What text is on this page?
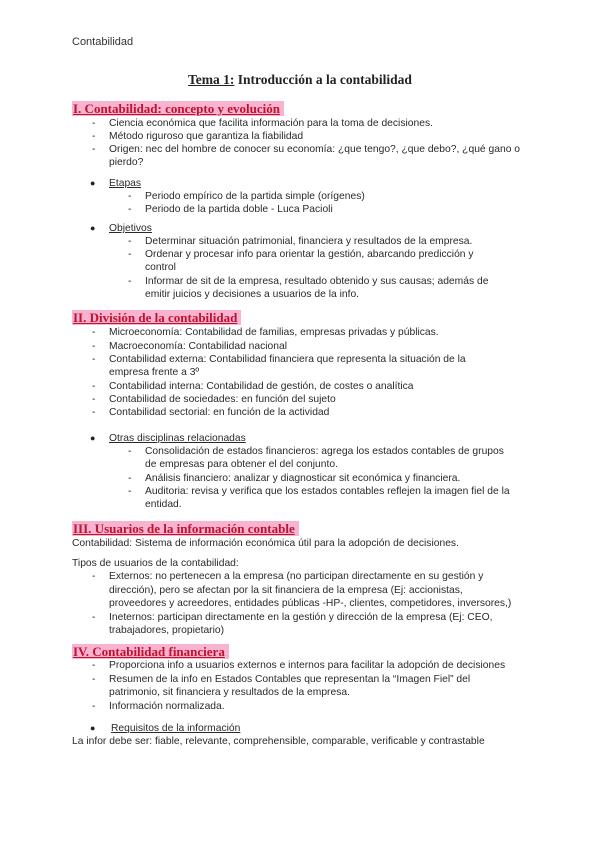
Contabilidad
Tema 1: Introducción a la contabilidad
I. Contabilidad: concepto y evolución
- Ciencia económica que facilita información para la toma de decisiones.
- Método riguroso que garantiza la fiabilidad
- Origen: nec del hombre de conocer su economía: ¿que tengo?, ¿que debo?, ¿qué gano o
pierdo?
● Etapas
- Periodo empírico de la partida simple (orígenes)
- Periodo de la partida doble - Luca Pacioli
● Objetivos
- Determinar situación patrimonial, financiera y resultados de la empresa.
- Ordenar y procesar info para orientar la gestión, abarcando predicción y
control
- Informar de sit de la empresa, resultado obtenido y sus causas; además de
emitir juicios y decisiones a usuarios de la info.
II. División de la contabilidad
- Microeconomía: Contabilidad de familias, empresas privadas y públicas.
- Macroeconomía: Contabilidad nacional
- Contabilidad externa: Contabilidad financiera que representa la situación de la
empresa frente a 3º
- Contabilidad interna: Contabilidad de gestión, de costes o analítica
- Contabilidad de sociedades: en función del sujeto
- Contabilidad sectorial: en función de la actividad
● Otras disciplinas relacionadas
- Consolidación de estados financieros: agrega los estados contables de grupos
de empresas para obtener el del conjunto.
- Análisis financiero: analizar y diagnosticar sit económica y financiera.
- Auditoria: revisa y verifica que los estados contables reflejen la imagen fiel de la
entidad.
III. Usuarios de la información contable
Contabilidad: Sistema de información económica útil para la adopción de decisiones.
Tipos de usuarios de la contabilidad:
- Externos: no pertenecen a la empresa (no participan directamente en su gestión y
dirección), pero se afectan por la sit financiera de la empresa (Ej: accionistas,
proveedores y acreedores, entidades públicas -HP-, clientes, competidores, inversores,)
- Ineternos: participan directamente en la gestión y dirección de la empresa (Ej: CEO,
trabajadores, propietario)
IV. Contabilidad financiera
- Proporciona info a usuarios externos e internos para facilitar la adopción de decisiones
- Resumen de la info en Estados Contables que representan la “Imagen Fiel” del
patrimonio, sit financiera y resultados de la empresa.
- Información normalizada.
● Requisitos de la información
La infor debe ser: fiable, relevante, comprehensible, comparable, verificable y contrastable
